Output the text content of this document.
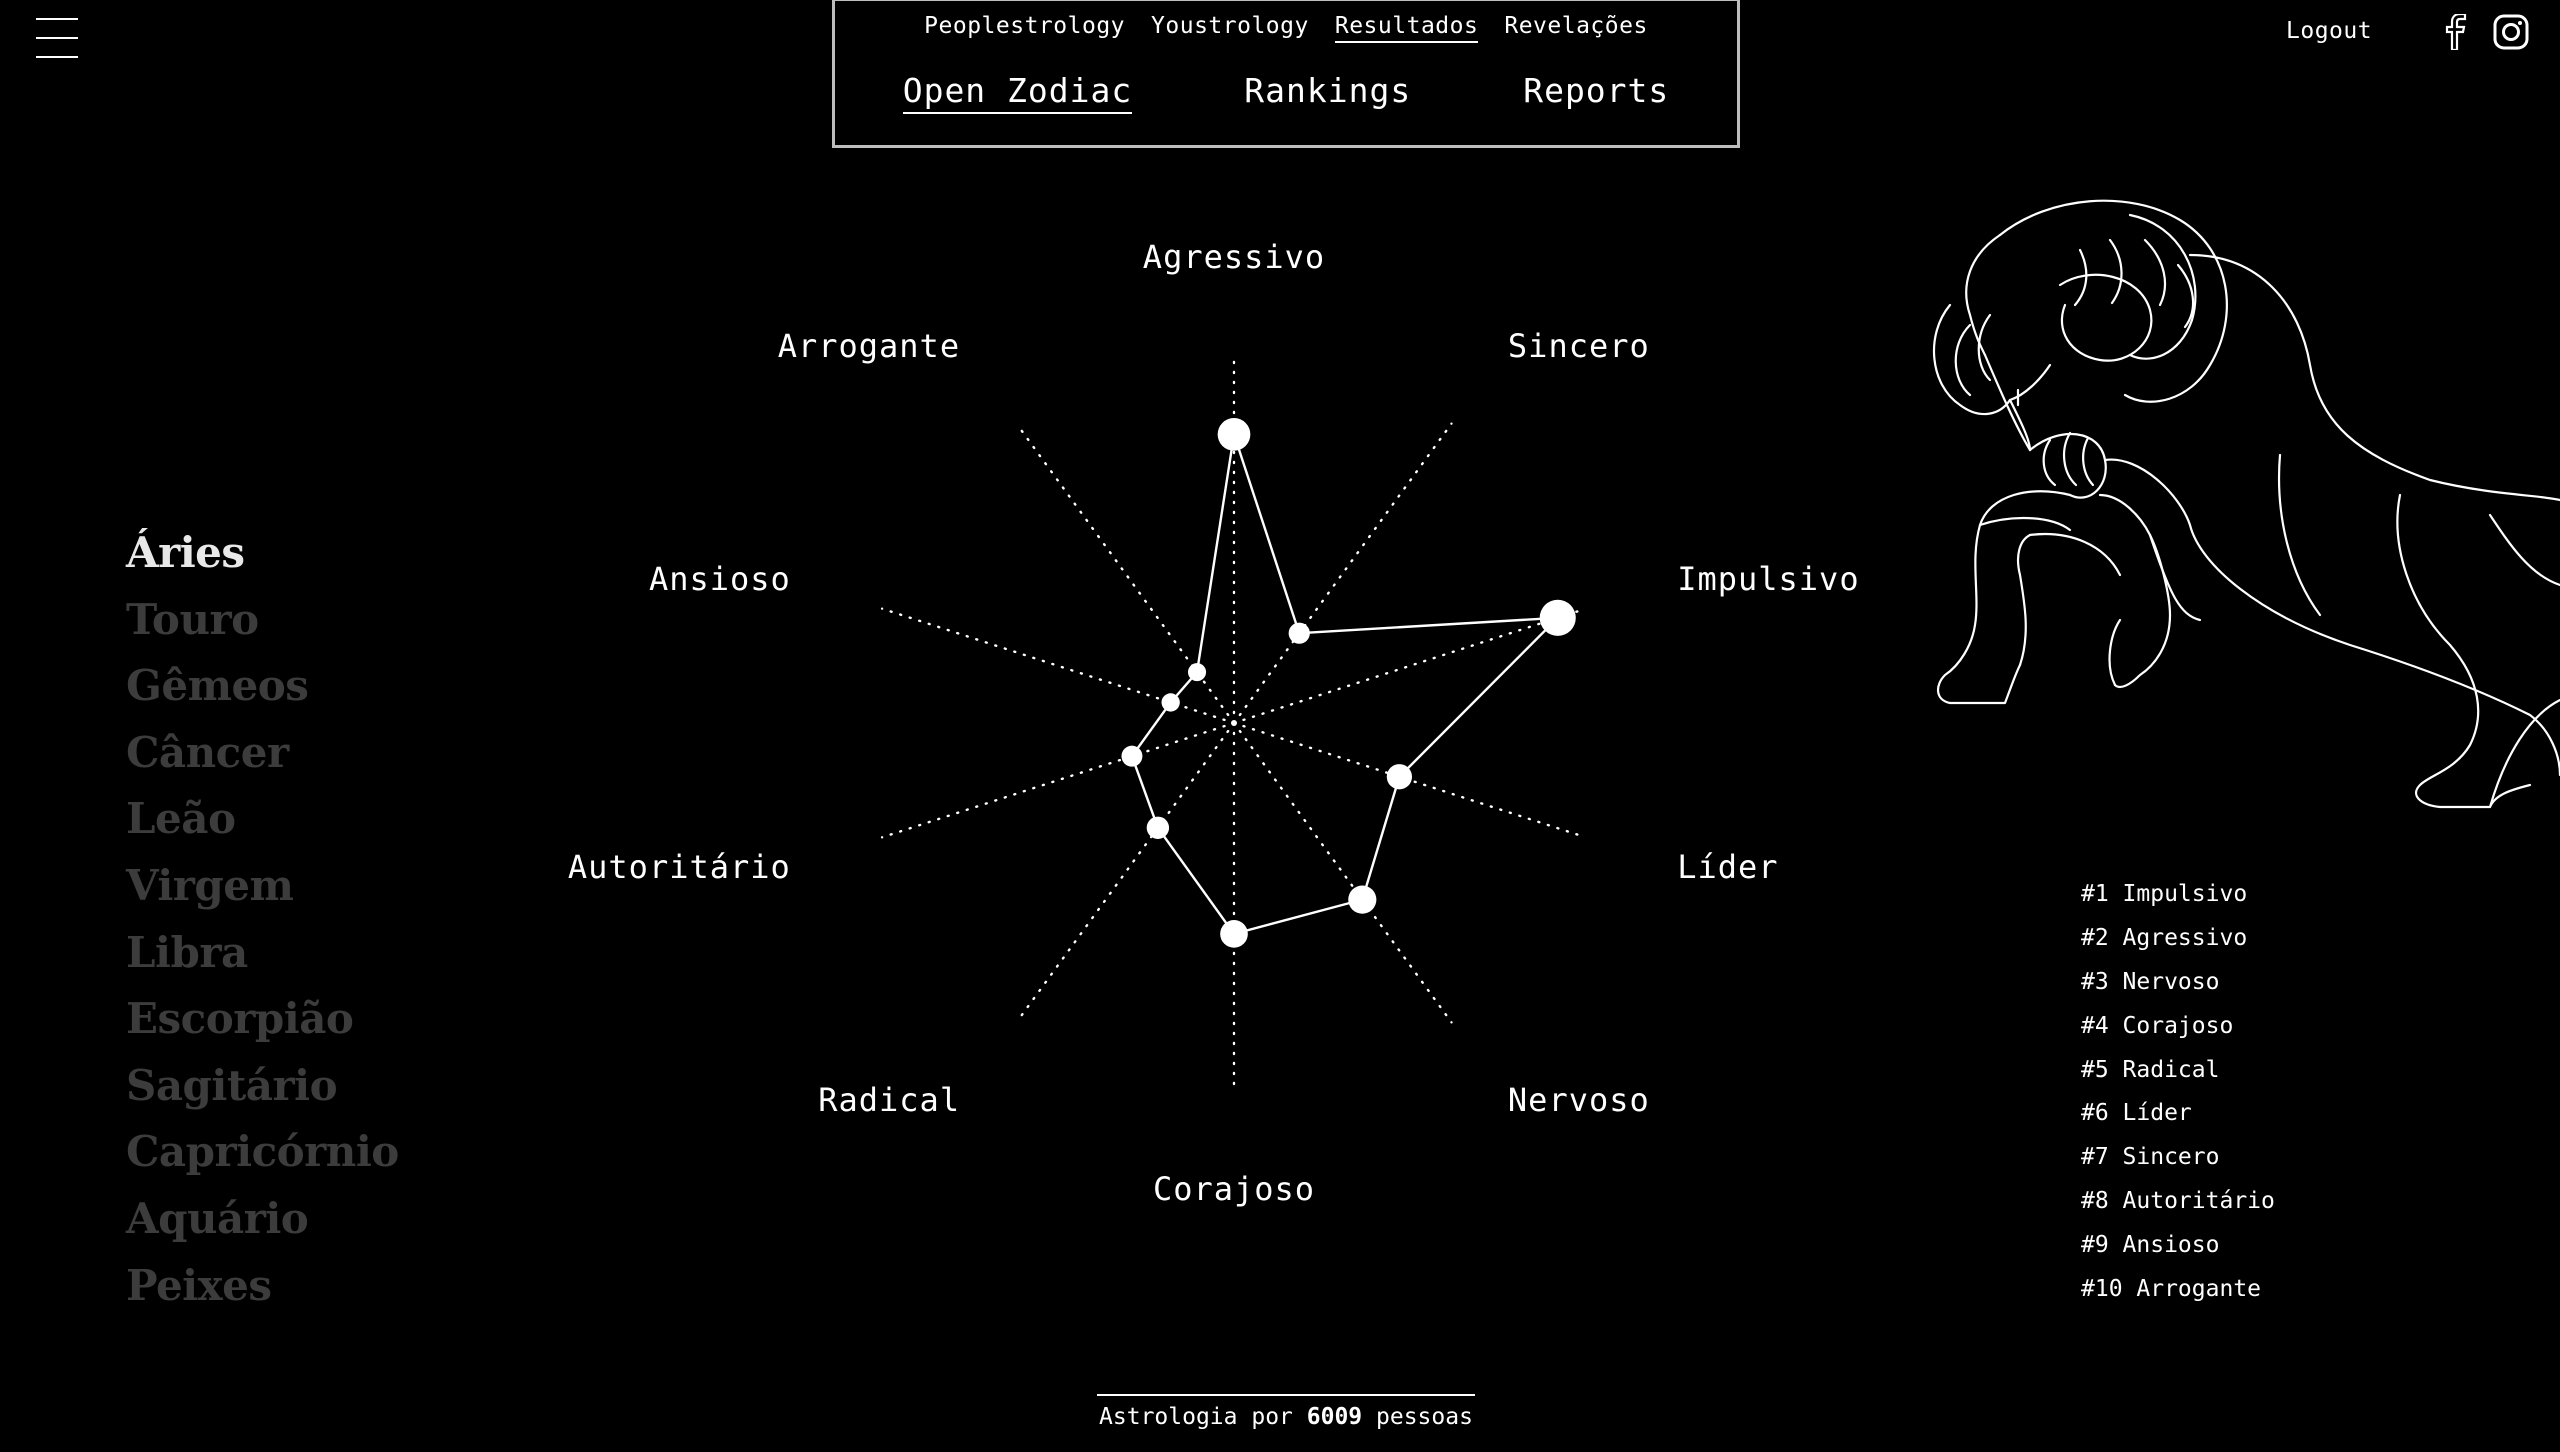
Peoplestrology Youstrology Resultados Revelações
Open Zodiac	Rankings	Reports
Logout
Áries
Touro
Gêmeos
Câncer
Leão
Virgem
Libra
Escorpião
Sagitário
Capricórnio
Aquário
Peixes
Agressivo
Sincero
Impulsivo
Líder
Nervoso
Corajoso
Radical
Autoritário
Ansioso
Arrogante
#1 Impulsivo
#2 Agressivo
#3 Nervoso
#4 Corajoso
#5 Radical
#6 Líder
#7 Sincero
#8 Autoritário
#9 Ansioso
#10 Arrogante
Astrologia por 6009 pessoas
